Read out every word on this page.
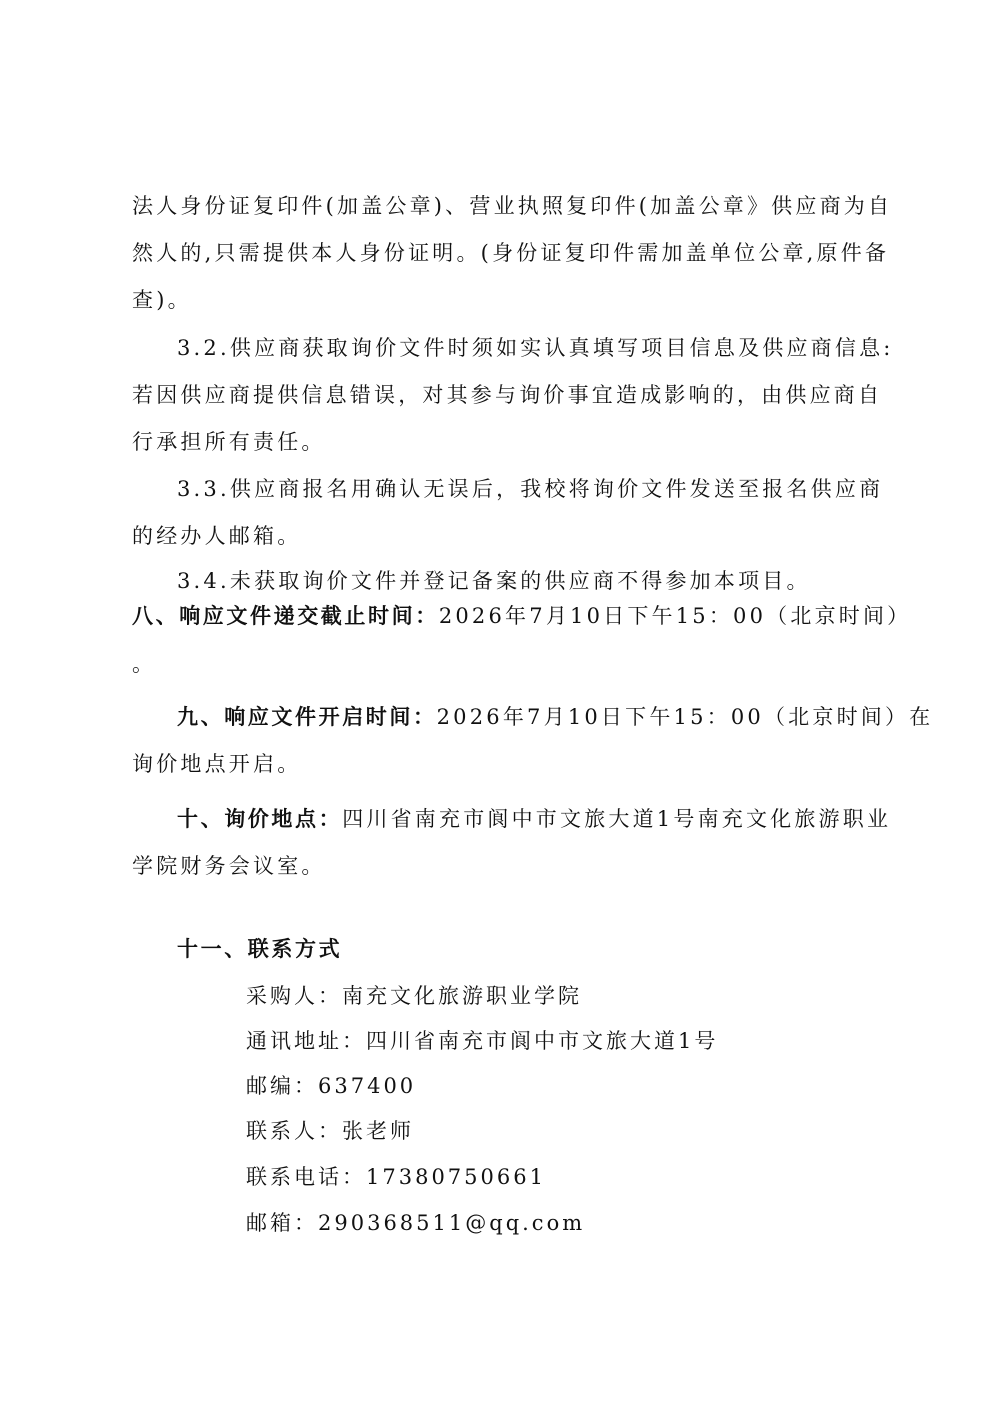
法人身份证复印件(加盖公章)、营业执照复印件(加盖公章》供应商为自
然人的,只需提供本人身份证明。(身份证复印件需加盖单位公章,原件备
查)。
3.2.供应商获取询价文件时须如实认真填写项目信息及供应商信息:
若因供应商提供信息错误，对其参与询价事宜造成影响的，由供应商自
行承担所有责任。
3.3.供应商报名用确认无误后，我校将询价文件发送至报名供应商
的经办人邮箱。
3.4.未获取询价文件并登记备案的供应商不得参加本项目。
八、响应文件递交截止时间：2026年7月10日下午15：00（北京时间）
。
九、响应文件开启时间：2026年7月10日下午15：00（北京时间）在
询价地点开启。
十、询价地点：四川省南充市阆中市文旅大道1号南充文化旅游职业
学院财务会议室。
十一、联系方式
采购人：南充文化旅游职业学院
通讯地址：四川省南充市阆中市文旅大道1号
邮编：637400
联系人：张老师
联系电话：17380750661
邮箱：290368511@qq.com
